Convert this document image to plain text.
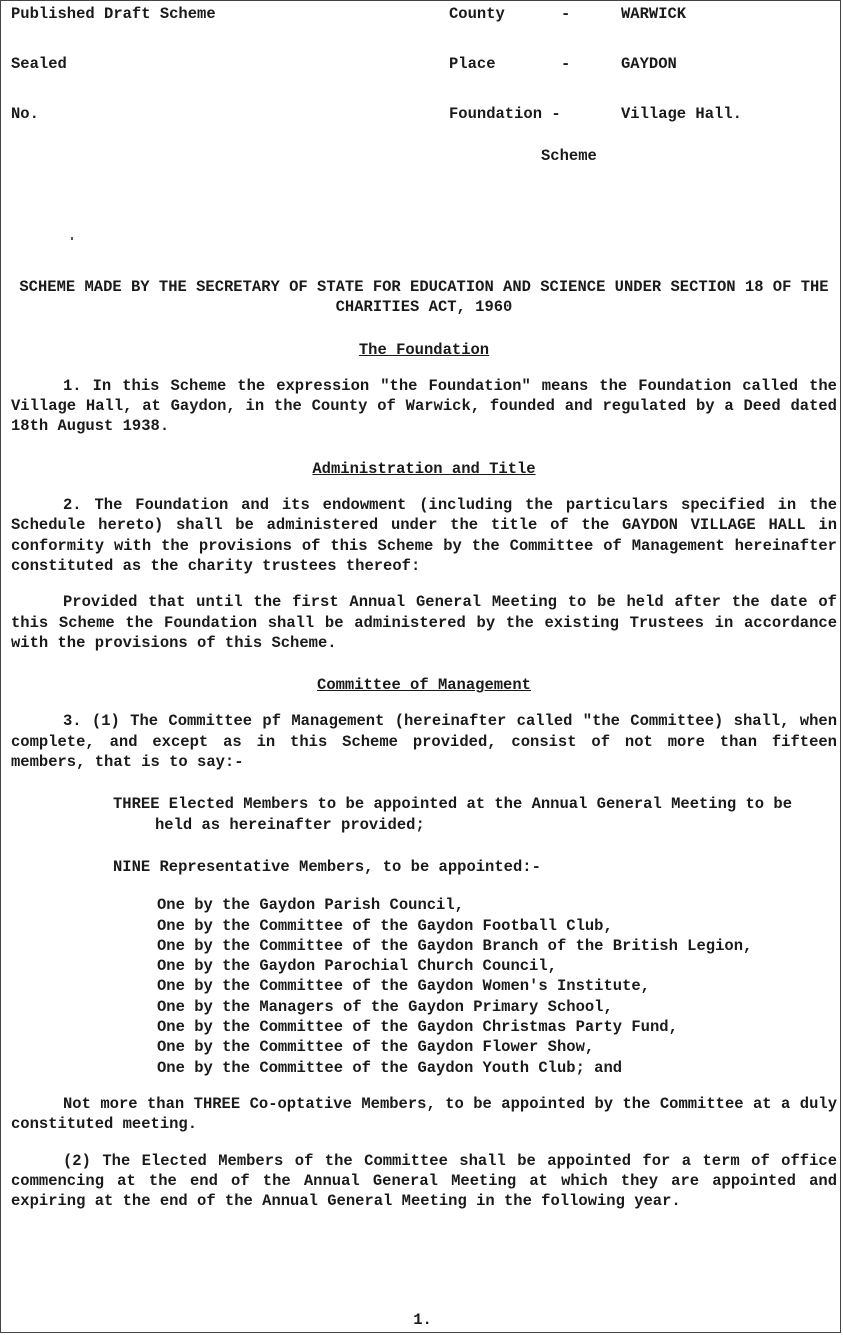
Published Draft Scheme
Sealed
No.
County	-	WARWICK
Place	-	GAYDON
Foundation -	Village Hall.
Scheme

SCHEME MADE BY THE SECRETARY OF STATE FOR EDUCATION AND SCIENCE UNDER SECTION 18 OF THE CHARITIES ACT, 1960

The Foundation

1. In this Scheme the expression "the Foundation" means the Foundation called the Village Hall, at Gaydon, in the County of Warwick, founded and regulated by a Deed dated 18th August 1938.

Administration and Title

2. The Foundation and its endowment (including the particulars specified in the Schedule hereto) shall be administered under the title of the GAYDON VILLAGE HALL in conformity with the provisions of this Scheme by the Committee of Management hereinafter constituted as the charity trustees thereof:

Provided that until the first Annual General Meeting to be held after the date of this Scheme the Foundation shall be administered by the existing Trustees in accordance with the provisions of this Scheme.

Committee of Management

3. (1) The Committee pf Management (hereinafter called "the Committee) shall, when complete, and except as in this Scheme provided, consist of not more than fifteen members, that is to say:-

THREE Elected Members to be appointed at the Annual General Meeting to be held as hereinafter provided;

NINE Representative Members, to be appointed:-

One by the Gaydon Parish Council,
One by the Committee of the Gaydon Football Club,
One by the Committee of the Gaydon Branch of the British Legion,
One by the Gaydon Parochial Church Council,
One by the Committee of the Gaydon Women's Institute,
One by the Managers of the Gaydon Primary School,
One by the Committee of the Gaydon Christmas Party Fund,
One by the Committee of the Gaydon Flower Show,
One by the Committee of the Gaydon Youth Club; and

Not more than THREE Co-optative Members, to be appointed by the Committee at a duly constituted meeting.

(2) The Elected Members of the Committee shall be appointed for a term of office commencing at the end of the Annual General Meeting at which they are appointed and expiring at the end of the Annual General Meeting in the following year.

1.
